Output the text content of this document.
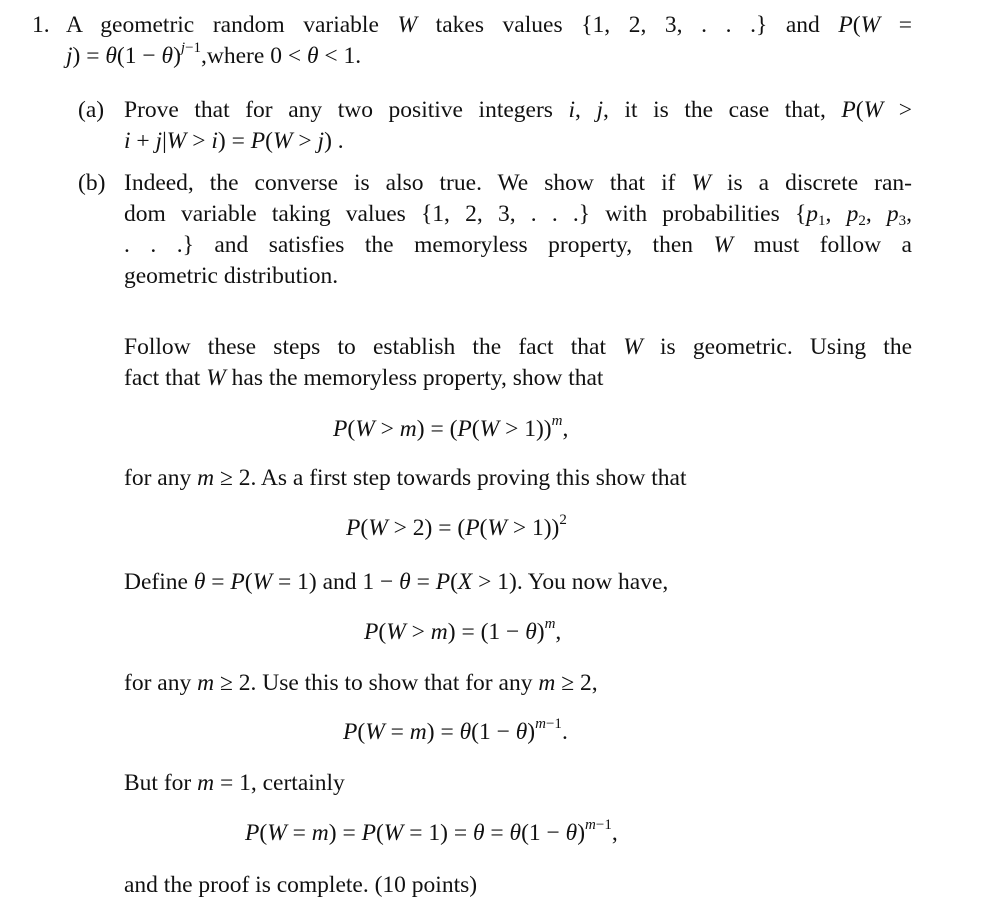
1. A geometric random variable W takes values {1, 2, 3, . . .} and P(W =
$j) = \theta(1 - \theta)^{j-1},where$ 0 < θ < 1.
(a) Prove that for any two positive integers i, j, it is the case that, P(W >
i + j|W > i) = P(W > j) .
(b) Indeed, the converse is also true. We show that if W is a discrete ran-
dom variable taking values {1, 2, 3, . . .} with probabilities {$p_1$, $p_2$, $p_3$,
. . .} and satisfies the memoryless property, then W must follow a
geometric distribution.
Follow these steps to establish the fact that W is geometric. Using the
fact that W has the memoryless property, show that
P(W > m) = (P(W > 1))$^m$,
for any m ≥ 2. As a first step towards proving this show that
P(W > 2) = (P(W > 1))$^2$
Define θ = P(W = 1) and 1 − θ = P(X > 1). You now have,
$P(W > m) = (1 - \theta)^m$,
for any m ≥ 2. Use this to show that for any m ≥ 2,
$P(W = m) = \theta(1 - \theta)^{m-1}$.
But for m = 1, certainly
$P(W = m) = P(W = 1) = \theta = \theta(1 - \theta)^{m-1}$,
and the proof is complete. (10 points)
